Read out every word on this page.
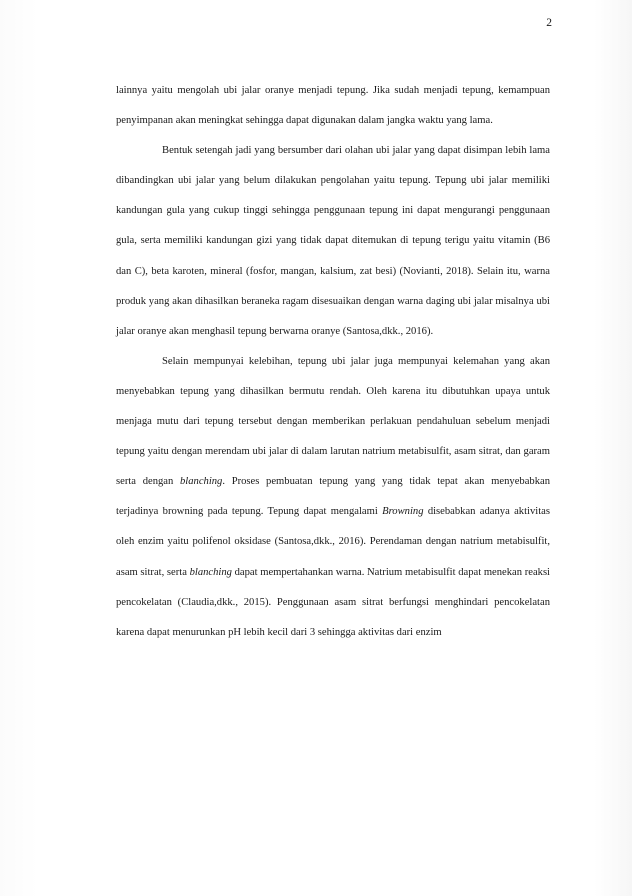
2

lainnya yaitu mengolah ubi jalar oranye menjadi tepung. Jika sudah menjadi tepung, kemampuan penyimpanan akan meningkat sehingga dapat digunakan dalam jangka waktu yang lama.

Bentuk setengah jadi yang bersumber dari olahan ubi jalar yang dapat disimpan lebih lama dibandingkan ubi jalar yang belum dilakukan pengolahan yaitu tepung. Tepung ubi jalar memiliki kandungan gula yang cukup tinggi sehingga penggunaan tepung ini dapat mengurangi penggunaan gula, serta memiliki kandungan gizi yang tidak dapat ditemukan di tepung terigu yaitu vitamin (B6 dan C), beta karoten, mineral (fosfor, mangan, kalsium, zat besi) (Novianti, 2018). Selain itu, warna produk yang akan dihasilkan beraneka ragam disesuaikan dengan warna daging ubi jalar misalnya ubi jalar oranye akan menghasil tepung berwarna oranye (Santosa,dkk., 2016).

Selain mempunyai kelebihan, tepung ubi jalar juga mempunyai kelemahan yang akan menyebabkan tepung yang dihasilkan bermutu rendah. Oleh karena itu dibutuhkan upaya untuk menjaga mutu dari tepung tersebut dengan memberikan perlakuan pendahuluan sebelum menjadi tepung yaitu dengan merendam ubi jalar di dalam larutan natrium metabisulfit, asam sitrat, dan garam serta dengan blanching. Proses pembuatan tepung yang yang tidak tepat akan menyebabkan terjadinya browning pada tepung. Tepung dapat mengalami Browning disebabkan adanya aktivitas oleh enzim yaitu polifenol oksidase (Santosa,dkk., 2016). Perendaman dengan natrium metabisulfit, asam sitrat, serta blanching dapat mempertahankan warna. Natrium metabisulfit dapat menekan reaksi pencokelatan (Claudia,dkk., 2015). Penggunaan asam sitrat berfungsi menghindari pencokelatan karena dapat menurunkan pH lebih kecil dari 3 sehingga aktivitas dari enzim
